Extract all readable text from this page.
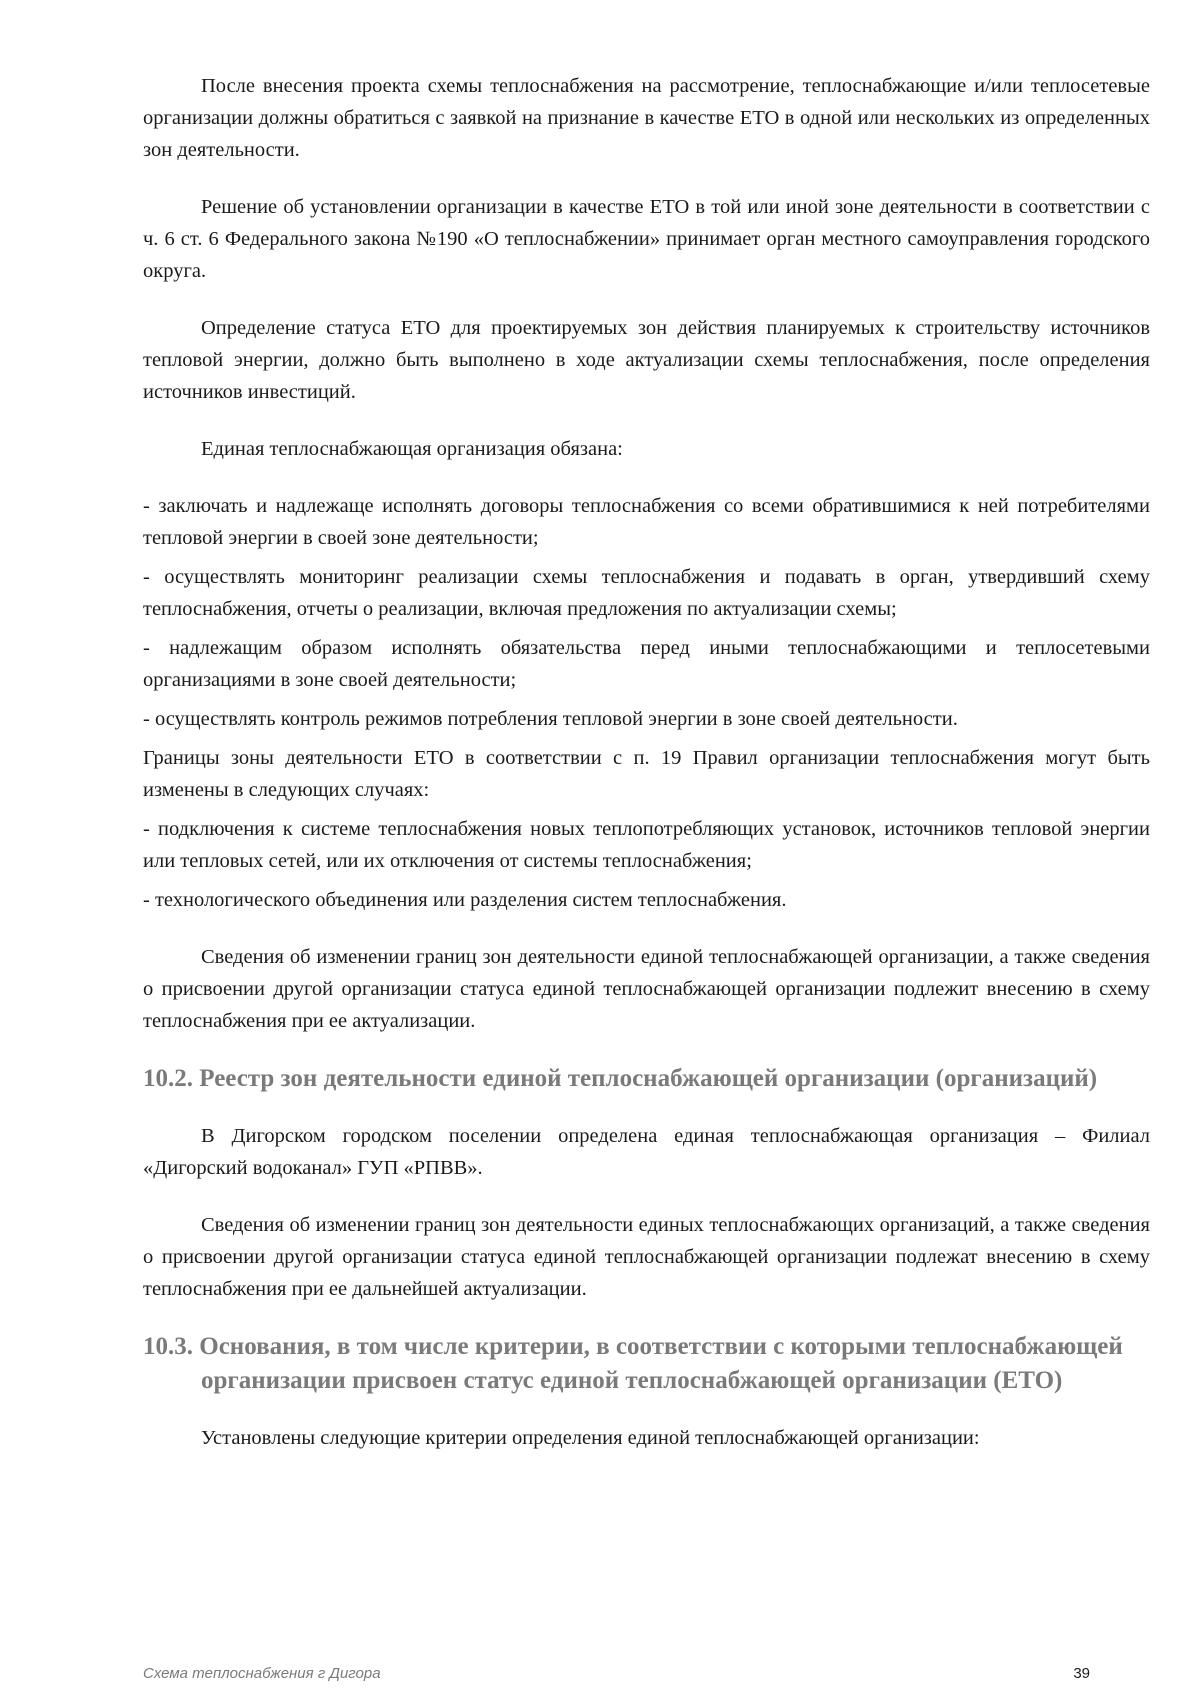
После внесения проекта схемы теплоснабжения на рассмотрение, теплоснабжающие и/или теплосетевые организации должны обратиться с заявкой на признание в качестве ЕТО в одной или нескольких из определенных зон деятельности.

Решение об установлении организации в качестве ЕТО в той или иной зоне деятельности в соответствии с ч. 6 ст. 6 Федерального закона №190 «О теплоснабжении» принимает орган местного самоуправления городского округа.

Определение статуса ЕТО для проектируемых зон действия планируемых к строительству источников тепловой энергии, должно быть выполнено в ходе актуализации схемы теплоснабжения, после определения источников инвестиций.

Единая теплоснабжающая организация обязана:

- заключать и надлежаще исполнять договоры теплоснабжения со всеми обратившимися к ней потребителями тепловой энергии в своей зоне деятельности;

- осуществлять мониторинг реализации схемы теплоснабжения и подавать в орган, утвердивший схему теплоснабжения, отчеты о реализации, включая предложения по актуализации схемы;

- надлежащим образом исполнять обязательства перед иными теплоснабжающими и теплосетевыми организациями в зоне своей деятельности;

- осуществлять контроль режимов потребления тепловой энергии в зоне своей деятельности.

Границы зоны деятельности ЕТО в соответствии с п. 19 Правил организации теплоснабжения могут быть изменены в следующих случаях:

- подключения к системе теплоснабжения новых теплопотребляющих установок, источников тепловой энергии или тепловых сетей, или их отключения от системы теплоснабжения;

- технологического объединения или разделения систем теплоснабжения.

Сведения об изменении границ зон деятельности единой теплоснабжающей организации, а также сведения о присвоении другой организации статуса единой теплоснабжающей организации подлежит внесению в схему теплоснабжения при ее актуализации.

10.2. Реестр зон деятельности единой теплоснабжающей организации (организаций)

В Дигорском городском поселении определена единая теплоснабжающая организация – Филиал «Дигорский водоканал» ГУП «РПВВ».

Сведения об изменении границ зон деятельности единых теплоснабжающих организаций, а также сведения о присвоении другой организации статуса единой теплоснабжающей организации подлежат внесению в схему теплоснабжения при ее дальнейшей актуализации.

10.3. Основания, в том числе критерии, в соответствии с которыми теплоснабжающей организации присвоен статус единой теплоснабжающей организации (ЕТО)

Установлены следующие критерии определения единой теплоснабжающей организации:

Схема теплоснабжения г Дигора	39
